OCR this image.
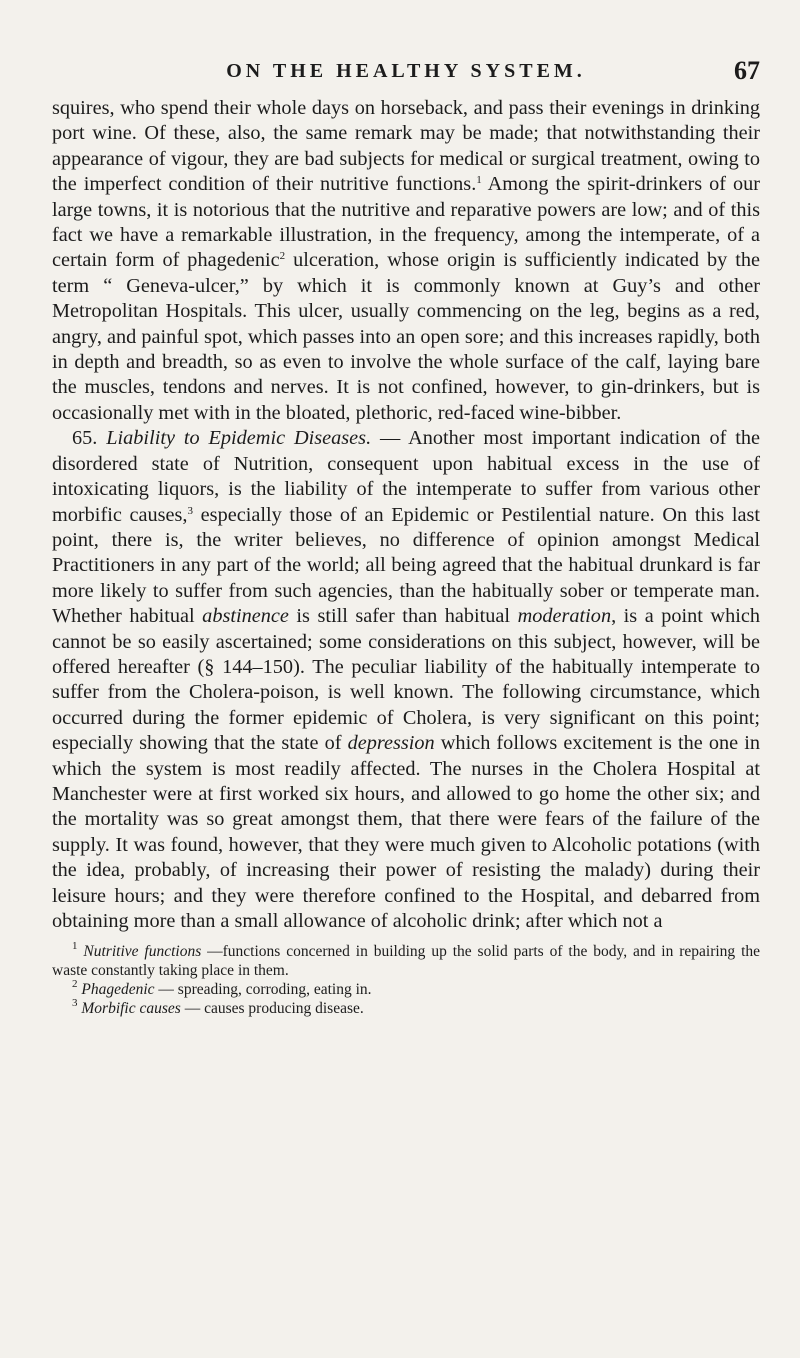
ON THE HEALTHY SYSTEM.	67

squires, who spend their whole days on horseback, and pass their evenings in drinking port wine. Of these, also, the same remark may be made; that notwithstanding their appearance of vigour, they are bad subjects for medical or surgical treatment, owing to the imperfect condition of their nutritive functions.$^1$ Among the spirit-drinkers of our large towns, it is notorious that the nutritive and reparative powers are low; and of this fact we have a remarkable illustration, in the frequency, among the intemperate, of a certain form of phagedenic$^2$ ulceration, whose origin is sufficiently indicated by the term “ Geneva-ulcer,” by which it is commonly known at Guy’s and other Metropolitan Hospitals. This ulcer, usually commencing on the leg, begins as a red, angry, and painful spot, which passes into an open sore; and this increases rapidly, both in depth and breadth, so as even to involve the whole surface of the calf, laying bare the muscles, tendons and nerves. It is not confined, however, to gin-drinkers, but is occasionally met with in the bloated, plethoric, red-faced wine-bibber.

65. Liability to Epidemic Diseases. — Another most important indication of the disordered state of Nutrition, consequent upon habitual excess in the use of intoxicating liquors, is the liability of the intemperate to suffer from various other morbific causes,$^3$ especially those of an Epidemic or Pestilential nature. On this last point, there is, the writer believes, no difference of opinion amongst Medical Practitioners in any part of the world; all being agreed that the habitual drunkard is far more likely to suffer from such agencies, than the habitually sober or temperate man. Whether habitual abstinence is still safer than habitual moderation, is a point which cannot be so easily ascertained; some considerations on this subject, however, will be offered hereafter (§ 144–150). The peculiar liability of the habitually intemperate to suffer from the Cholera-poison, is well known. The following circumstance, which occurred during the former epidemic of Cholera, is very significant on this point; especially showing that the state of depression which follows excitement is the one in which the system is most readily affected. The nurses in the Cholera Hospital at Manchester were at first worked six hours, and allowed to go home the other six; and the mortality was so great amongst them, that there were fears of the failure of the supply. It was found, however, that they were much given to Alcoholic potations (with the idea, probably, of increasing their power of resisting the malady) during their leisure hours; and they were therefore confined to the Hospital, and debarred from obtaining more than a small allowance of alcoholic drink; after which not a

$^1$ Nutritive functions —functions concerned in building up the solid parts of the body, and in repairing the waste constantly taking place in them.

$^2$ Phagedenic — spreading, corroding, eating in.

$^3$ Morbific causes — causes producing disease.
